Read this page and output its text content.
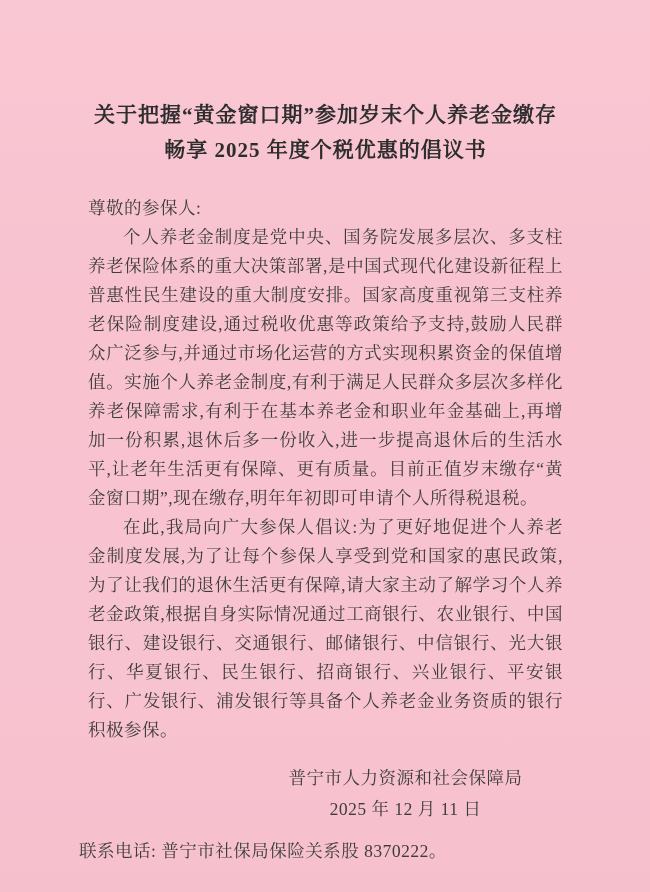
关于把握“黄金窗口期”参加岁末个人养老金缴存
畅享 2025 年度个税优惠的倡议书

尊敬的参保人:

个人养老金制度是党中央、国务院发展多层次、多支柱养老保险体系的重大决策部署,是中国式现代化建设新征程上普惠性民生建设的重大制度安排。国家高度重视第三支柱养老保险制度建设,通过税收优惠等政策给予支持,鼓励人民群众广泛参与,并通过市场化运营的方式实现积累资金的保值增值。实施个人养老金制度,有利于满足人民群众多层次多样化养老保障需求,有利于在基本养老金和职业年金基础上,再增加一份积累,退休后多一份收入,进一步提高退休后的生活水平,让老年生活更有保障、更有质量。目前正值岁末缴存“黄金窗口期”,现在缴存,明年年初即可申请个人所得税退税。

在此,我局向广大参保人倡议:为了更好地促进个人养老金制度发展,为了让每个参保人享受到党和国家的惠民政策,为了让我们的退休生活更有保障,请大家主动了解学习个人养老金政策,根据自身实际情况通过工商银行、农业银行、中国银行、建设银行、交通银行、邮储银行、中信银行、光大银行、华夏银行、民生银行、招商银行、兴业银行、平安银行、广发银行、浦发银行等具备个人养老金业务资质的银行积极参保。

普宁市人力资源和社会保障局

2025 年 12 月 11 日

联系电话: 普宁市社保局保险关系股 8370222。
